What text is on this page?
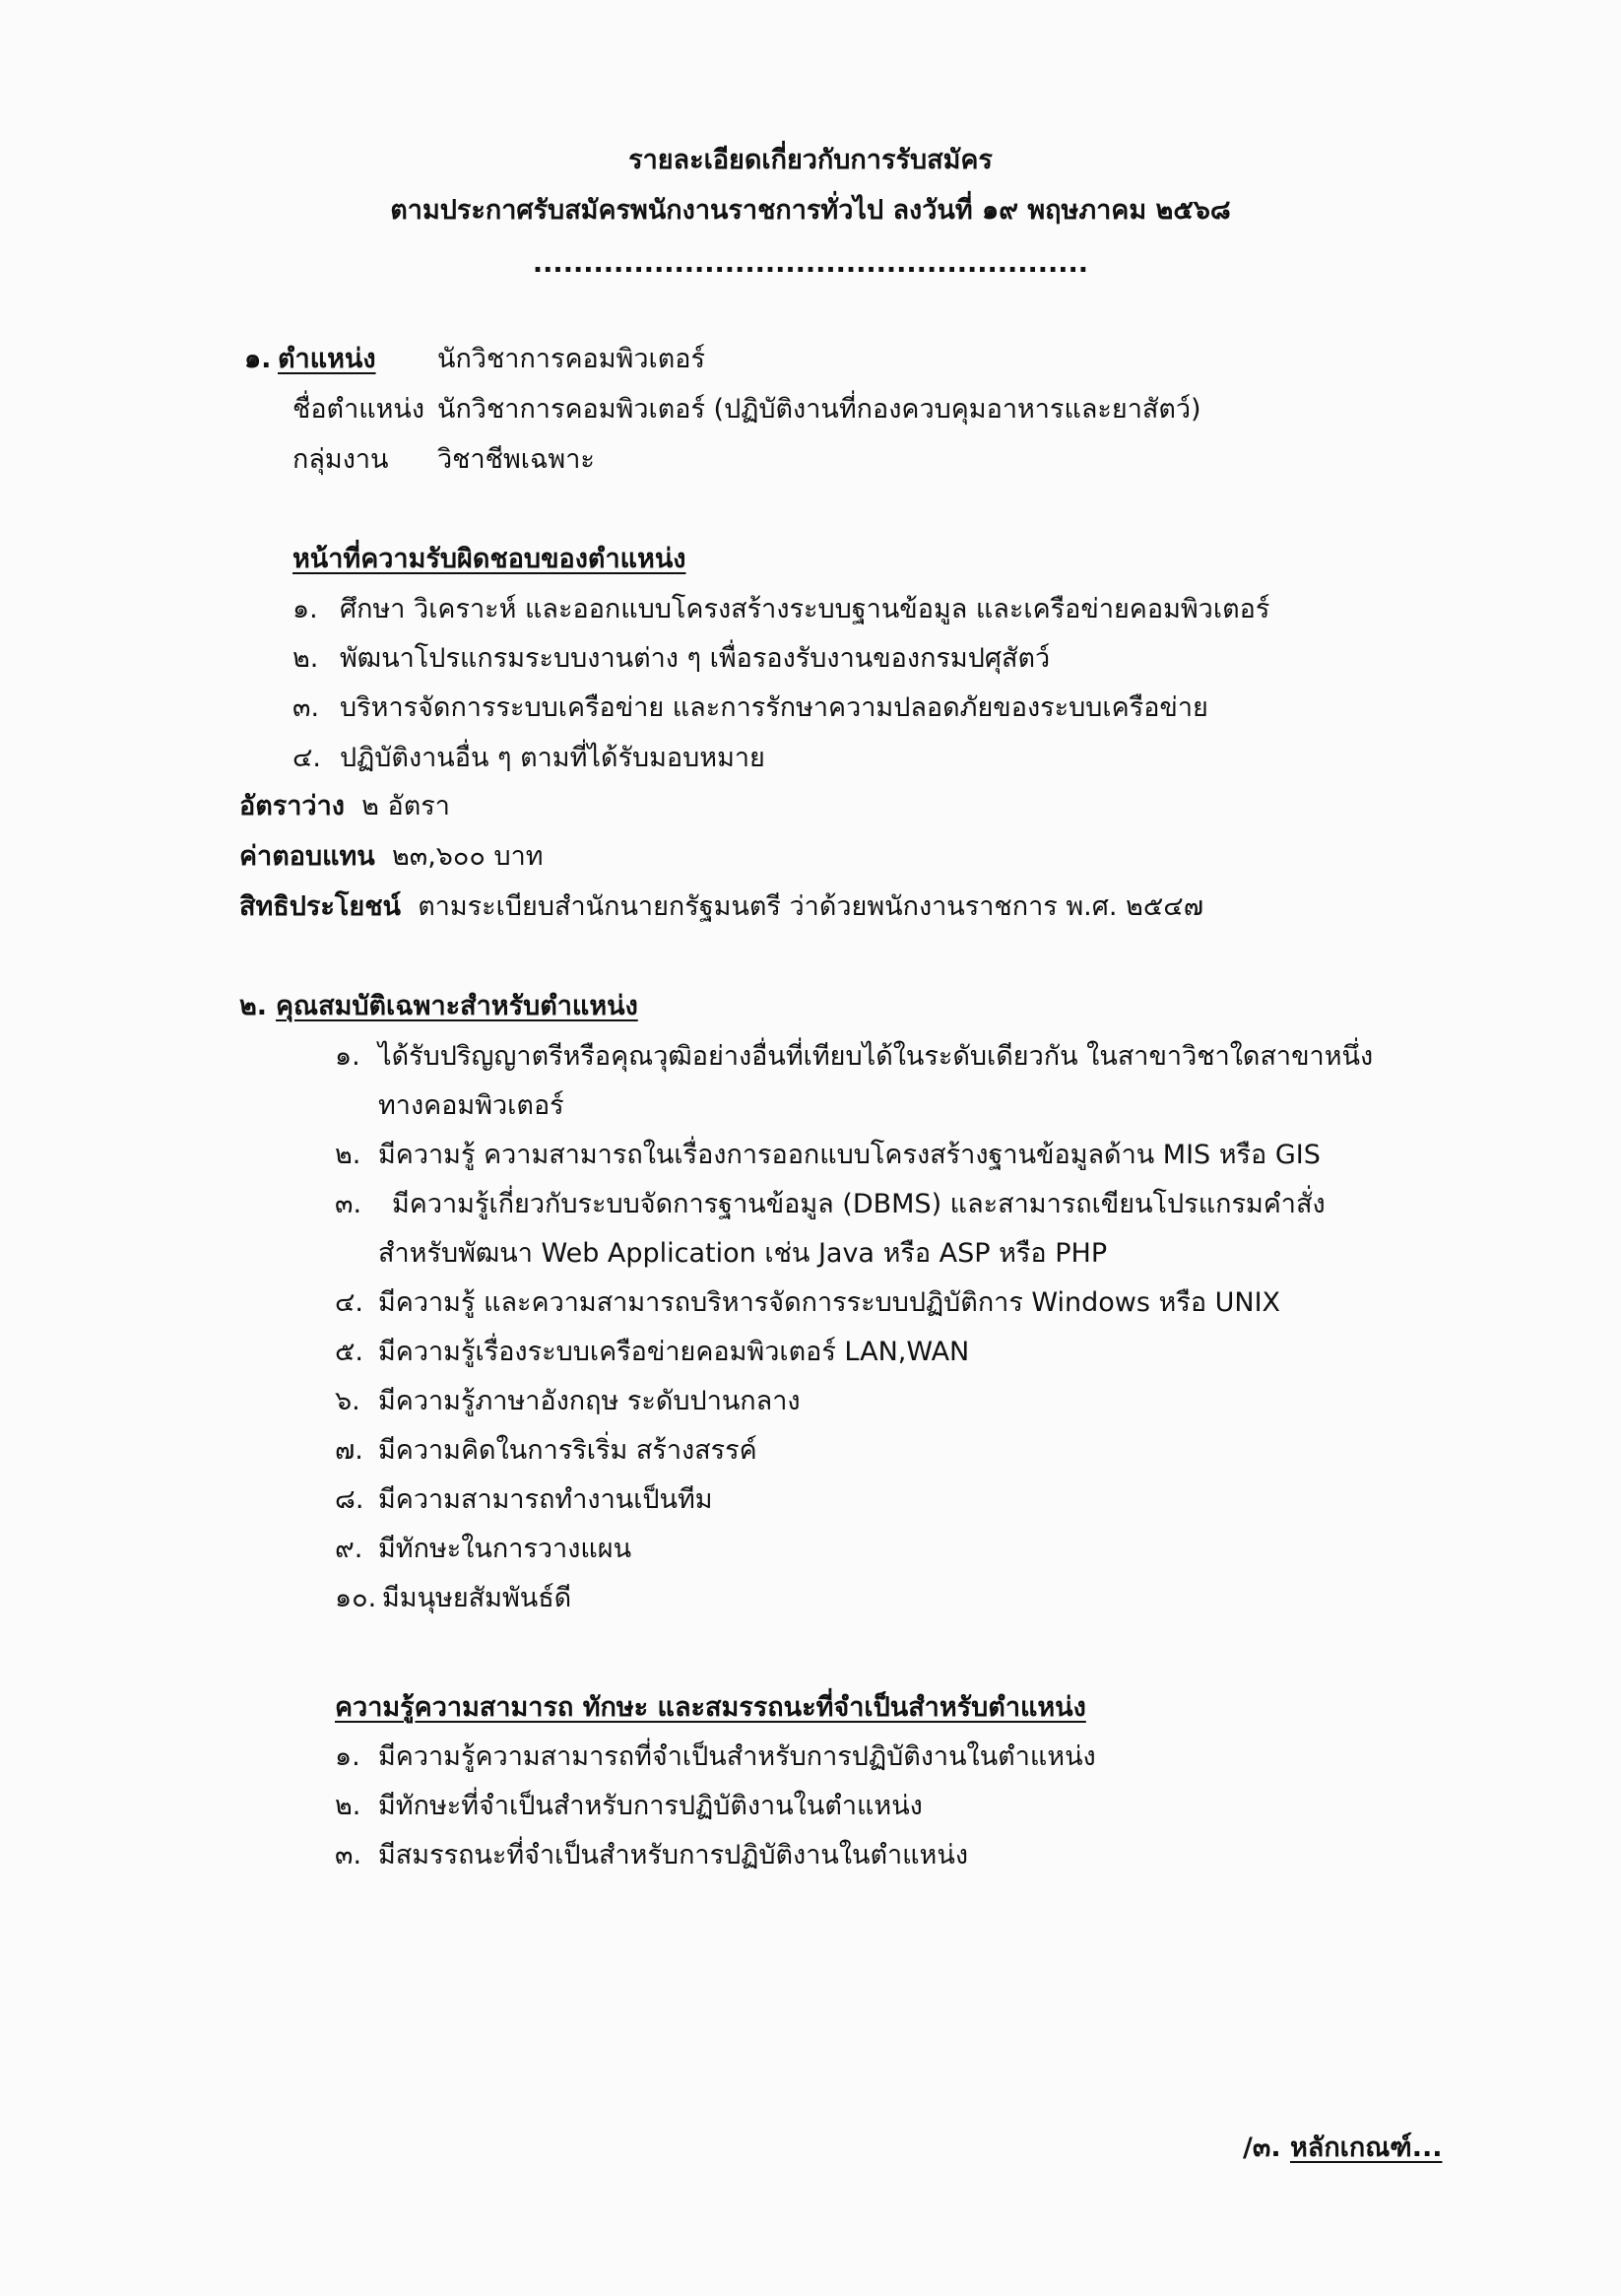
รายละเอียดเกี่ยวกับการรับสมัคร
ตามประกาศรับสมัครพนักงานราชการทั่วไป ลงวันที่ ๑๙ พฤษภาคม ๒๕๖๘
.......................................................
๑. ตำแหน่ง นักวิชาการคอมพิวเตอร์
ชื่อตำแหน่ง นักวิชาการคอมพิวเตอร์ (ปฏิบัติงานที่กองควบคุมอาหารและยาสัตว์)
กลุ่มงาน วิชาชีพเฉพาะ
หน้าที่ความรับผิดชอบของตำแหน่ง
๑. ศึกษา วิเคราะห์ และออกแบบโครงสร้างระบบฐานข้อมูล และเครือข่ายคอมพิวเตอร์
๒. พัฒนาโปรแกรมระบบงานต่าง ๆ เพื่อรองรับงานของกรมปศุสัตว์
๓. บริหารจัดการระบบเครือข่าย และการรักษาความปลอดภัยของระบบเครือข่าย
๔. ปฏิบัติงานอื่น ๆ ตามที่ได้รับมอบหมาย
อัตราว่าง ๒ อัตรา
ค่าตอบแทน ๒๓,๖๐๐ บาท
สิทธิประโยชน์ ตามระเบียบสำนักนายกรัฐมนตรี ว่าด้วยพนักงานราชการ พ.ศ. ๒๕๔๗
๒. คุณสมบัติเฉพาะสำหรับตำแหน่ง
๑. ได้รับปริญญาตรีหรือคุณวุฒิอย่างอื่นที่เทียบได้ในระดับเดียวกัน ในสาขาวิชาใดสาขาหนึ่ง
ทางคอมพิวเตอร์
๒. มีความรู้ ความสามารถในเรื่องการออกแบบโครงสร้างฐานข้อมูลด้าน MIS หรือ GIS
๓. มีความรู้เกี่ยวกับระบบจัดการฐานข้อมูล (DBMS) และสามารถเขียนโปรแกรมคำสั่ง
สำหรับพัฒนา Web Application เช่น Java หรือ ASP หรือ PHP
๔. มีความรู้ และความสามารถบริหารจัดการระบบปฏิบัติการ Windows หรือ UNIX
๕. มีความรู้เรื่องระบบเครือข่ายคอมพิวเตอร์ LAN,WAN
๖. มีความรู้ภาษาอังกฤษ ระดับปานกลาง
๗. มีความคิดในการริเริ่ม สร้างสรรค์
๘. มีความสามารถทำงานเป็นทีม
๙. มีทักษะในการวางแผน
๑๐. มีมนุษยสัมพันธ์ดี
ความรู้ความสามารถ ทักษะ และสมรรถนะที่จำเป็นสำหรับตำแหน่ง
๑. มีความรู้ความสามารถที่จำเป็นสำหรับการปฏิบัติงานในตำแหน่ง
๒. มีทักษะที่จำเป็นสำหรับการปฏิบัติงานในตำแหน่ง
๓. มีสมรรถนะที่จำเป็นสำหรับการปฏิบัติงานในตำแหน่ง
/๓. หลักเกณฑ์...
